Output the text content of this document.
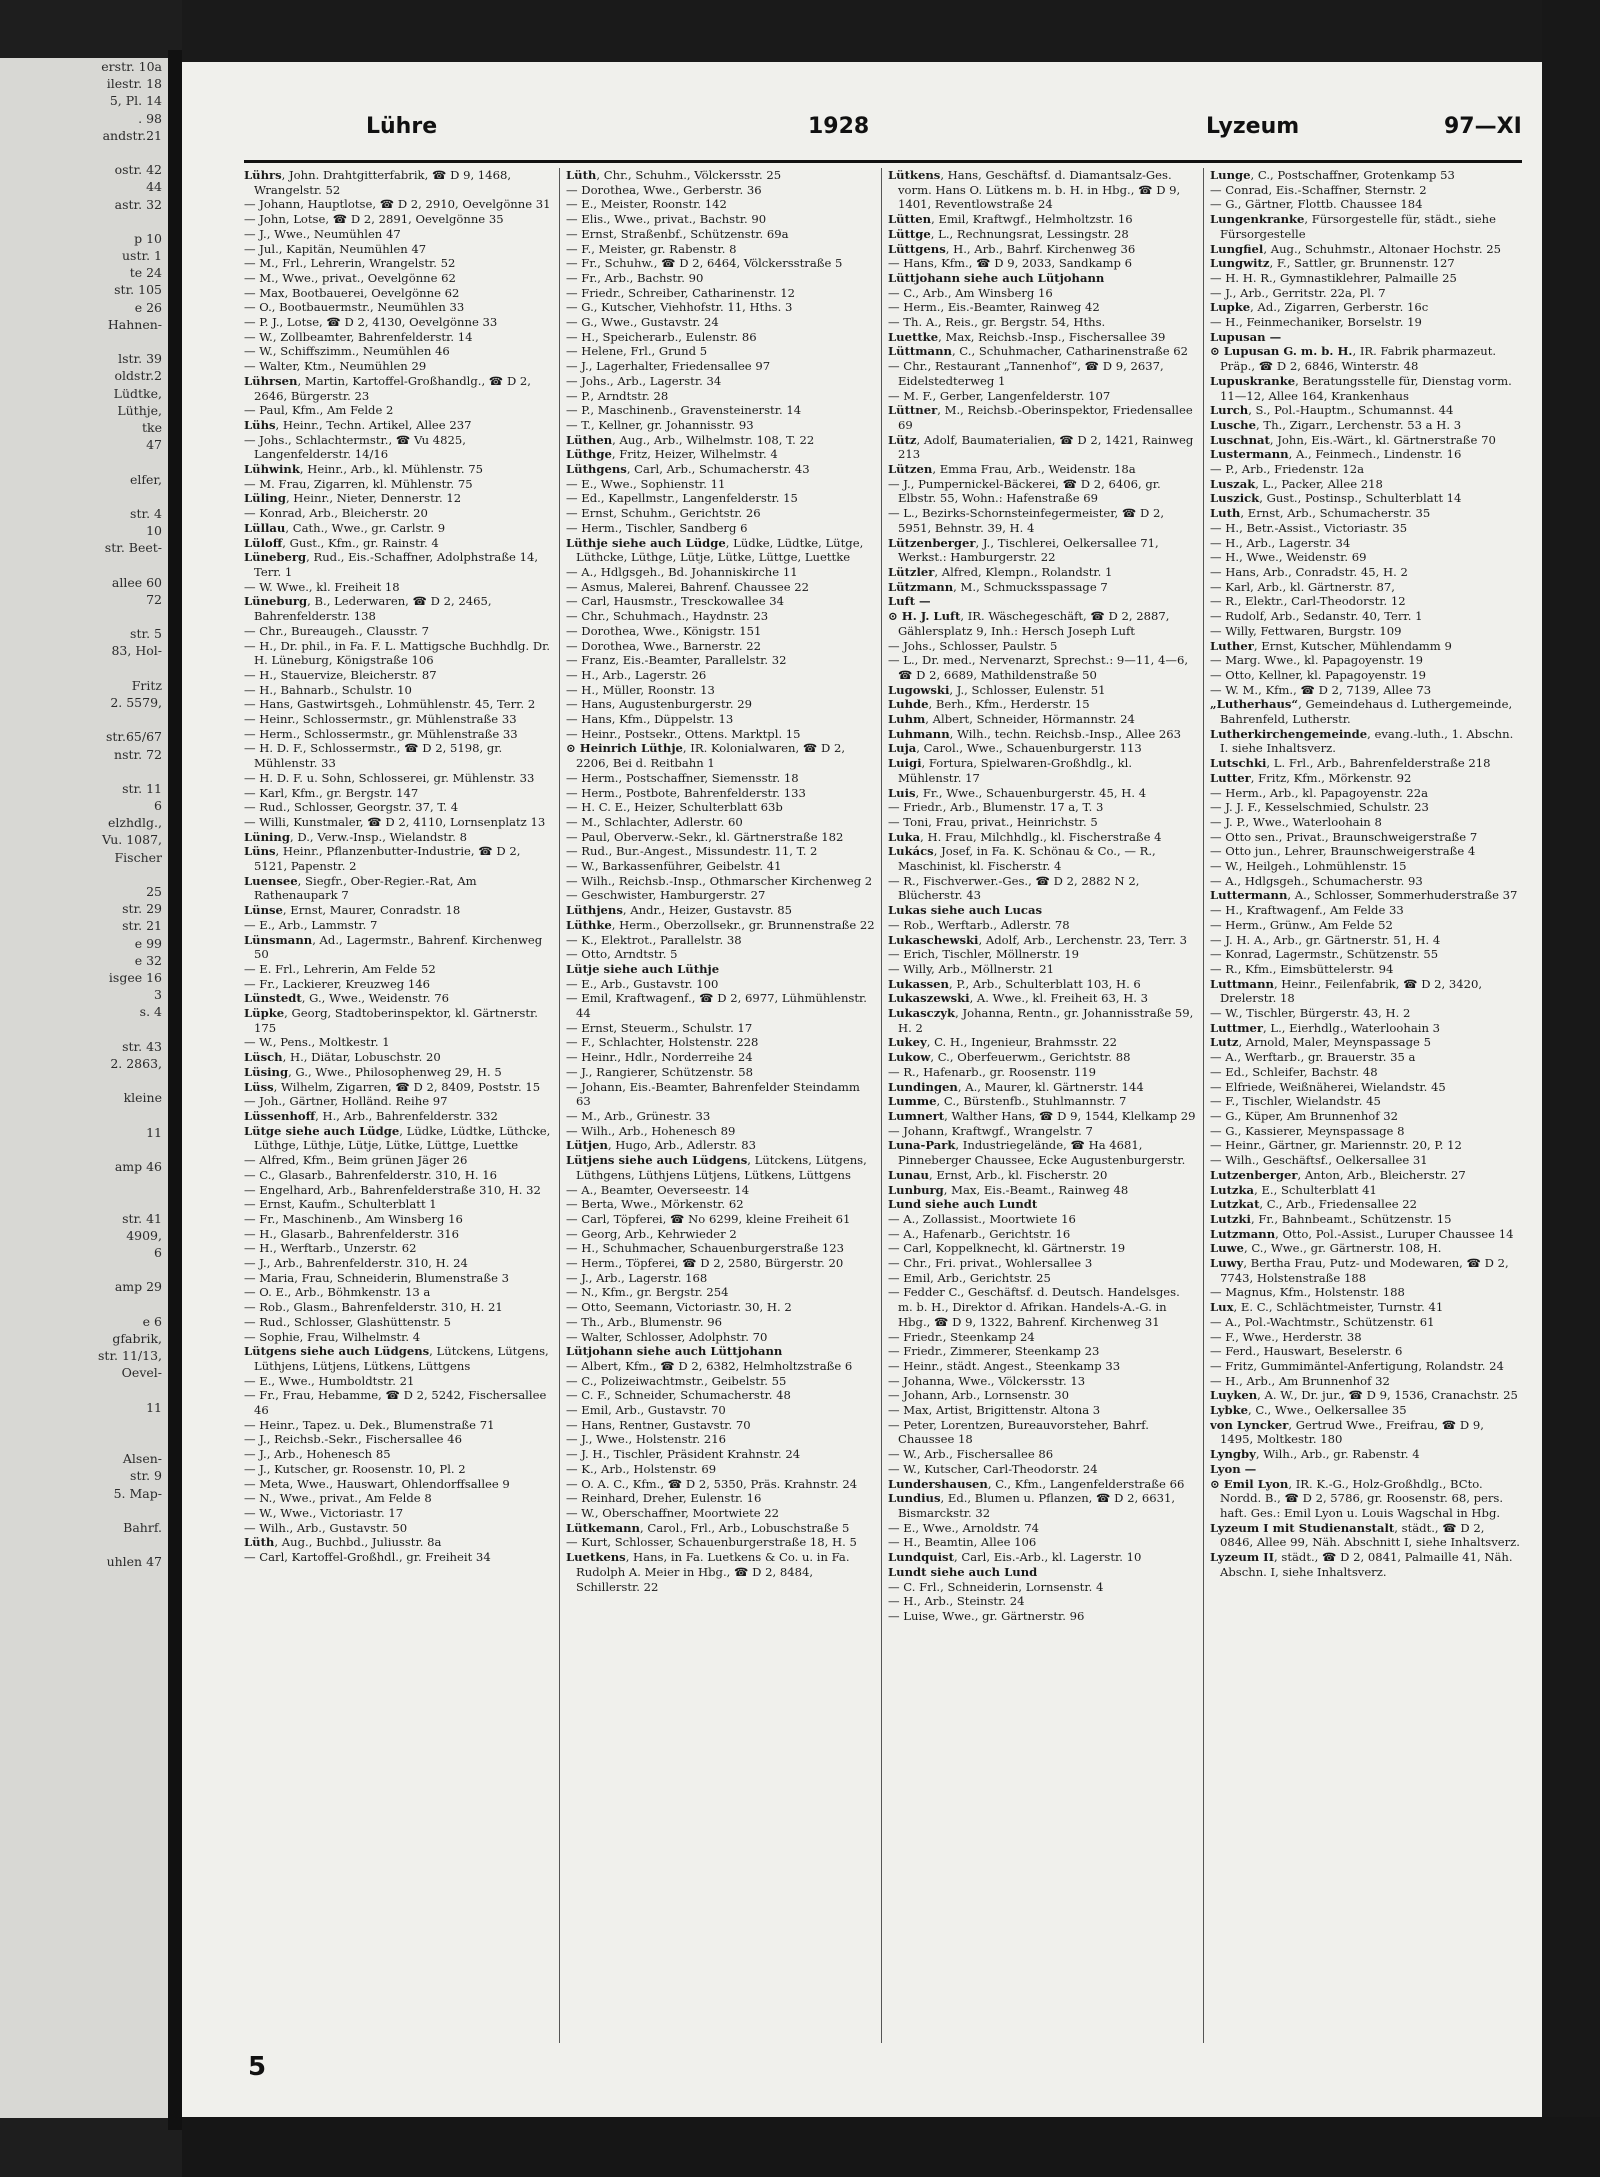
erstr. 10a
ilestr. 18
5, Pl. 14
. 98
andstr.21
ostr. 42
44
astr. 32
p 10
ustr. 1
te 24
str. 105
e 26
Hahnen-
lstr. 39
oldstr.2
Lüdtke,
Lüthje,
tke
47
elfer,
str. 4
10
str. Beet-
allee 60
72
str. 5
83, Hol-
Fritz
2. 5579,
str.65/67
nstr. 72
str. 11
6
elzhdlg.,
Vu. 1087,
Fischer
25
str. 29
str. 21
e 99
e 32
isgee 16
3
s. 4
str. 43
2. 2863,
kleine
11
amp 46
str. 41
4909,
6
amp 29
e 6
gfabrik,
str. 11/13,
Oevel-
11
Alsen-
str. 9
5. Map-
Bahrf.
uhlen 47
Lühre	1928	Lyzeum	97—XI
Lührs, John. Drahtgitterfabrik, ☎ D 9, 1468, Wrangelstr. 52
— Johann, Hauptlotse, ☎ D 2, 2910, Oevelgönne 31
— John, Lotse, ☎ D 2, 2891, Oevelgönne 35
— J., Wwe., Neumühlen 47
— Jul., Kapitän, Neumühlen 47
— M., Frl., Lehrerin, Wrangelstr. 52
— M., Wwe., privat., Oevelgönne 62
— Max, Bootbauerei, Oevelgönne 62
— O., Bootbauermstr., Neumühlen 33
— P. J., Lotse, ☎ D 2, 4130, Oevelgönne 33
— W., Zollbeamter, Bahrenfelderstr. 14
— W., Schiffszimm., Neumühlen 46
— Walter, Ktm., Neumühlen 29
Lührsen, Martin, Kartoffel-Großhandlg., ☎ D 2, 2646, Bürgerstr. 23
— Paul, Kfm., Am Felde 2
Lühs, Heinr., Techn. Artikel, Allee 237
— Johs., Schlachtermstr., ☎ Vu 4825, Langenfelderstr. 14/16
Lühwink, Heinr., Arb., kl. Mühlenstr. 75
— M. Frau, Zigarren, kl. Mühlenstr. 75
Lüling, Heinr., Nieter, Dennerstr. 12
— Konrad, Arb., Bleicherstr. 20
Lüllau, Cath., Wwe., gr. Carlstr. 9
Lüloff, Gust., Kfm., gr. Rainstr. 4
Lüneberg, Rud., Eis.-Schaffner, Adolphstraße 14, Terr. 1
— W. Wwe., kl. Freiheit 18
Lüneburg, B., Lederwaren, ☎ D 2, 2465, Bahrenfelderstr. 138
— Chr., Bureaugeh., Clausstr. 7
— H., Dr. phil., in Fa. F. L. Mattigsche Buchhdlg. Dr. H. Lüneburg, Königstraße 106
— H., Stauervize, Bleicherstr. 87
— H., Bahnarb., Schulstr. 10
— Hans, Gastwirtsgeh., Lohmühlenstr. 45, Terr. 2
— Heinr., Schlossermstr., gr. Mühlenstraße 33
— Herm., Schlossermstr., gr. Mühlenstraße 33
— H. D. F., Schlossermstr., ☎ D 2, 5198, gr. Mühlenstr. 33
— H. D. F. u. Sohn, Schlosserei, gr. Mühlenstr. 33
— Karl, Kfm., gr. Bergstr. 147
— Rud., Schlosser, Georgstr. 37, T. 4
— Willi, Kunstmaler, ☎ D 2, 4110, Lornsenplatz 13
Lüning, D., Verw.-Insp., Wielandstr. 8
Lüns, Heinr., Pflanzenbutter-Industrie, ☎ D 2, 5121, Papenstr. 2
Luensee, Siegfr., Ober-Regier.-Rat, Am Rathenaupark 7
Lünse, Ernst, Maurer, Conradstr. 18
— E., Arb., Lammstr. 7
Lünsmann, Ad., Lagermstr., Bahrenf. Kirchenweg 50
— E. Frl., Lehrerin, Am Felde 52
— Fr., Lackierer, Kreuzweg 146
Lünstedt, G., Wwe., Weidenstr. 76
Lüpke, Georg, Stadtoberinspektor, kl. Gärtnerstr. 175
— W., Pens., Moltkestr. 1
Lüsch, H., Diätar, Lobuschstr. 20
Lüsing, G., Wwe., Philosophenweg 29, H. 5
Lüss, Wilhelm, Zigarren, ☎ D 2, 8409, Poststr. 15
— Joh., Gärtner, Holländ. Reihe 97
Lüssenhoff, H., Arb., Bahrenfelderstr. 332
Lütge siehe auch Lüdge, Lüdke, Lüdtke, Lüthcke, Lüthge, Lüthje, Lütje, Lütke, Lüttge, Luettke
— Alfred, Kfm., Beim grünen Jäger 26
— C., Glasarb., Bahrenfelderstr. 310, H. 16
— Engelhard, Arb., Bahrenfelderstraße 310, H. 32
— Ernst, Kaufm., Schulterblatt 1
— Fr., Maschinenb., Am Winsberg 16
— H., Glasarb., Bahrenfelderstr. 316
— H., Werftarb., Unzerstr. 62
— J., Arb., Bahrenfelderstr. 310, H. 24
— Maria, Frau, Schneiderin, Blumenstraße 3
— O. E., Arb., Böhmkenstr. 13 a
— Rob., Glasm., Bahrenfelderstr. 310, H. 21
— Rud., Schlosser, Glashüttenstr. 5
— Sophie, Frau, Wilhelmstr. 4
Lütgens siehe auch Lüdgens, Lütckens, Lütgens, Lüthjens, Lütjens, Lütkens, Lüttgens
— E., Wwe., Humboldtstr. 21
— Fr., Frau, Hebamme, ☎ D 2, 5242, Fischersallee 46
— Heinr., Tapez. u. Dek., Blumenstraße 71
— J., Reichsb.-Sekr., Fischersallee 46
— J., Arb., Hohenesch 85
— J., Kutscher, gr. Roosenstr. 10, Pl. 2
— Meta, Wwe., Hauswart, Ohlendorffsallee 9
— N., Wwe., privat., Am Felde 8
— W., Wwe., Victoriastr. 17
— Wilh., Arb., Gustavstr. 50
Lüth, Aug., Buchbd., Juliusstr. 8a
— Carl, Kartoffel-Großhdl., gr. Freiheit 34
Lüth, Chr., Schuhm., Völckersstr. 25
— Dorothea, Wwe., Gerberstr. 36
— E., Meister, Roonstr. 142
— Elis., Wwe., privat., Bachstr. 90
— Ernst, Straßenbf., Schützenstr. 69a
— F., Meister, gr. Rabenstr. 8
— Fr., Schuhw., ☎ D 2, 6464, Völckersstraße 5
— Fr., Arb., Bachstr. 90
— Friedr., Schreiber, Catharinenstr. 12
— G., Kutscher, Viehhofstr. 11, Hths. 3
— G., Wwe., Gustavstr. 24
— H., Speicherarb., Eulenstr. 86
— Helene, Frl., Grund 5
— J., Lagerhalter, Friedensallee 97
— Johs., Arb., Lagerstr. 34
— P., Arndtstr. 28
— P., Maschinenb., Gravensteinerstr. 14
— T., Kellner, gr. Johannisstr. 93
Lüthen, Aug., Arb., Wilhelmstr. 108, T. 22
Lüthge, Fritz, Heizer, Wilhelmstr. 4
Lüthgens, Carl, Arb., Schumacherstr. 43
— E., Wwe., Sophienstr. 11
— Ed., Kapellmstr., Langenfelderstr. 15
— Ernst, Schuhm., Gerichtstr. 26
— Herm., Tischler, Sandberg 6
Lüthje siehe auch Lüdge, Lüdke, Lüdtke, Lütge, Lüthcke, Lüthge, Lütje, Lütke, Lüttge, Luettke
— A., Hdlgsgeh., Bd. Johanniskirche 11
— Asmus, Malerei, Bahrenf. Chaussee 22
— Carl, Hausmstr., Tresckowallee 34
— Chr., Schuhmach., Haydnstr. 23
— Dorothea, Wwe., Königstr. 151
— Dorothea, Wwe., Barnerstr. 22
— Franz, Eis.-Beamter, Parallelstr. 32
— H., Arb., Lagerstr. 26
— H., Müller, Roonstr. 13
— Hans, Augustenburgerstr. 29
— Hans, Kfm., Düppelstr. 13
— Heinr., Postsekr., Ottens. Marktpl. 15
⊙ Heinrich Lüthje, IR. Kolonialwaren, ☎ D 2, 2206, Bei d. Reitbahn 1
— Herm., Postschaffner, Siemensstr. 18
— Herm., Postbote, Bahrenfelderstr. 133
— H. C. E., Heizer, Schulterblatt 63b
— M., Schlachter, Adlerstr. 60
— Paul, Oberverw.-Sekr., kl. Gärtnerstraße 182
— Rud., Bur.-Angest., Missundestr. 11, T. 2
— W., Barkassenführer, Geibelstr. 41
— Wilh., Reichsb.-Insp., Othmarscher Kirchenweg 2
— Geschwister, Hamburgerstr. 27
Lüthjens, Andr., Heizer, Gustavstr. 85
Lüthke, Herm., Oberzollsekr., gr. Brunnenstraße 22
— K., Elektrot., Parallelstr. 38
— Otto, Arndtstr. 5
Lütje siehe auch Lüthje
— E., Arb., Gustavstr. 100
— Emil, Kraftwagenf., ☎ D 2, 6977, Lühmühlenstr. 44
— Ernst, Steuerm., Schulstr. 17
— F., Schlachter, Holstenstr. 228
— Heinr., Hdlr., Norderreihe 24
— J., Rangierer, Schützenstr. 58
— Johann, Eis.-Beamter, Bahrenfelder Steindamm 63
— M., Arb., Grünestr. 33
— Wilh., Arb., Hohenesch 89
Lütjen, Hugo, Arb., Adlerstr. 83
Lütjens siehe auch Lüdgens, Lütckens, Lütgens, Lüthgens, Lüthjens Lütjens, Lütkens, Lüttgens
— A., Beamter, Oeverseestr. 14
— Berta, Wwe., Mörkenstr. 62
— Carl, Töpferei, ☎ No 6299, kleine Freiheit 61
— Georg, Arb., Kehrwieder 2
— H., Schuhmacher, Schauenburgerstraße 123
— Herm., Töpferei, ☎ D 2, 2580, Bürgerstr. 20
— J., Arb., Lagerstr. 168
— N., Kfm., gr. Bergstr. 254
— Otto, Seemann, Victoriastr. 30, H. 2
— Th., Arb., Blumenstr. 96
— Walter, Schlosser, Adolphstr. 70
Lütjohann siehe auch Lüttjohann
— Albert, Kfm., ☎ D 2, 6382, Helmholtzstraße 6
— C., Polizeiwachtmstr., Geibelstr. 55
— C. F., Schneider, Schumacherstr. 48
— Emil, Arb., Gustavstr. 70
— Hans, Rentner, Gustavstr. 70
— J., Wwe., Holstenstr. 216
— J. H., Tischler, Präsident Krahnstr. 24
— K., Arb., Holstenstr. 69
— O. A. C., Kfm., ☎ D 2, 5350, Präs. Krahnstr. 24
— Reinhard, Dreher, Eulenstr. 16
— W., Oberschaffner, Moortwiete 22
Lütkemann, Carol., Frl., Arb., Lobuschstraße 5
— Kurt, Schlosser, Schauenburgerstraße 18, H. 5
Luetkens, Hans, in Fa. Luetkens & Co. u. in Fa. Rudolph A. Meier in Hbg., ☎ D 2, 8484, Schillerstr. 22
Lütkens, Hans, Geschäftsf. d. Diamantsalz-Ges. vorm. Hans O. Lütkens m. b. H. in Hbg., ☎ D 9, 1401, Reventlowstraße 24
Lütten, Emil, Kraftwgf., Helmholtzstr. 16
Lüttge, L., Rechnungsrat, Lessingstr. 28
Lüttgens, H., Arb., Bahrf. Kirchenweg 36
— Hans, Kfm., ☎ D 9, 2033, Sandkamp 6
Lüttjohann siehe auch Lütjohann
— C., Arb., Am Winsberg 16
— Herm., Eis.-Beamter, Rainweg 42
— Th. A., Reis., gr. Bergstr. 54, Hths.
Luettke, Max, Reichsb.-Insp., Fischersallee 39
Lüttmann, C., Schuhmacher, Catharinenstraße 62
— Chr., Restaurant „Tannenhof“, ☎ D 9, 2637, Eidelstedterweg 1
— M. F., Gerber, Langenfelderstr. 107
Lüttner, M., Reichsb.-Oberinspektor, Friedensallee 69
Lütz, Adolf, Baumaterialien, ☎ D 2, 1421, Rainweg 213
Lützen, Emma Frau, Arb., Weidenstr. 18a
— J., Pumpernickel-Bäckerei, ☎ D 2, 6406, gr. Elbstr. 55, Wohn.: Hafenstraße 69
— L., Bezirks-Schornsteinfegermeister, ☎ D 2, 5951, Behnstr. 39, H. 4
Lützenberger, J., Tischlerei, Oelkersallee 71, Werkst.: Hamburgerstr. 22
Lützler, Alfred, Klempn., Rolandstr. 1
Lützmann, M., Schmucksspassage 7
Luft —
⊙ H. J. Luft, IR. Wäschegeschäft, ☎ D 2, 2887, Gählersplatz 9, Inh.: Hersch Joseph Luft
— Johs., Schlosser, Paulstr. 5
— L., Dr. med., Nervenarzt, Sprechst.: 9—11, 4—6, ☎ D 2, 6689, Mathildenstraße 50
Lugowski, J., Schlosser, Eulenstr. 51
Luhde, Berh., Kfm., Herderstr. 15
Luhm, Albert, Schneider, Hörmannstr. 24
Luhmann, Wilh., techn. Reichsb.-Insp., Allee 263
Luja, Carol., Wwe., Schauenburgerstr. 113
Luigi, Fortura, Spielwaren-Großhdlg., kl. Mühlenstr. 17
Luis, Fr., Wwe., Schauenburgerstr. 45, H. 4
— Friedr., Arb., Blumenstr. 17 a, T. 3
— Toni, Frau, privat., Heinrichstr. 5
Luka, H. Frau, Milchhdlg., kl. Fischerstraße 4
Lukács, Josef, in Fa. K. Schönau & Co., — R., Maschinist, kl. Fischerstr. 4
— R., Fischverwer.-Ges., ☎ D 2, 2882 N 2, Blücherstr. 43
Lukas siehe auch Lucas
— Rob., Werftarb., Adlerstr. 78
Lukaschewski, Adolf, Arb., Lerchenstr. 23, Terr. 3
— Erich, Tischler, Möllnerstr. 19
— Willy, Arb., Möllnerstr. 21
Lukassen, P., Arb., Schulterblatt 103, H. 6
Lukaszewski, A. Wwe., kl. Freiheit 63, H. 3
Lukasczyk, Johanna, Rentn., gr. Johannisstraße 59, H. 2
Lukey, C. H., Ingenieur, Brahmsstr. 22
Lukow, C., Oberfeuerwm., Gerichtstr. 88
— R., Hafenarb., gr. Roosenstr. 119
Lundingen, A., Maurer, kl. Gärtnerstr. 144
Lumme, C., Bürstenfb., Stuhlmannstr. 7
Lumnert, Walther Hans, ☎ D 9, 1544, Klelkamp 29
— Johann, Kraftwgf., Wrangelstr. 7
Luna-Park, Industriegelände, ☎ Ha 4681, Pinneberger Chaussee, Ecke Augustenburgerstr.
Lunau, Ernst, Arb., kl. Fischerstr. 20
Lunburg, Max, Eis.-Beamt., Rainweg 48
Lund siehe auch Lundt
— A., Zollassist., Moortwiete 16
— A., Hafenarb., Gerichtstr. 16
— Carl, Koppelknecht, kl. Gärtnerstr. 19
— Chr., Fri. privat., Wohlersallee 3
— Emil, Arb., Gerichtstr. 25
— Fedder C., Geschäftsf. d. Deutsch. Handelsges. m. b. H., Direktor d. Afrikan. Handels-A.-G. in Hbg., ☎ D 9, 1322, Bahrenf. Kirchenweg 31
— Friedr., Steenkamp 24
— Friedr., Zimmerer, Steenkamp 23
— Heinr., städt. Angest., Steenkamp 33
— Johanna, Wwe., Völckersstr. 13
— Johann, Arb., Lornsenstr. 30
— Max, Artist, Brigittenstr. Altona 3
— Peter, Lorentzen, Bureauvorsteher, Bahrf. Chaussee 18
— W., Arb., Fischersallee 86
— W., Kutscher, Carl-Theodorstr. 24
Lundershausen, C., Kfm., Langenfelderstraße 66
Lundius, Ed., Blumen u. Pflanzen, ☎ D 2, 6631, Bismarckstr. 32
— E., Wwe., Arnoldstr. 74
— H., Beamtin, Allee 106
Lundquist, Carl, Eis.-Arb., kl. Lagerstr. 10
Lundt siehe auch Lund
— C. Frl., Schneiderin, Lornsenstr. 4
— H., Arb., Steinstr. 24
— Luise, Wwe., gr. Gärtnerstr. 96
Lunge, C., Postschaffner, Grotenkamp 53
— Conrad, Eis.-Schaffner, Sternstr. 2
— G., Gärtner, Flottb. Chaussee 184
Lungenkranke, Fürsorgestelle für, städt., siehe Fürsorgestelle
Lungfiel, Aug., Schuhmstr., Altonaer Hochstr. 25
Lungwitz, F., Sattler, gr. Brunnenstr. 127
— H. H. R., Gymnastiklehrer, Palmaille 25
— J., Arb., Gerritstr. 22a, Pl. 7
Lupke, Ad., Zigarren, Gerberstr. 16c
— H., Feinmechaniker, Borselstr. 19
Lupusan —
⊙ Lupusan G. m. b. H., IR. Fabrik pharmazeut. Präp., ☎ D 2, 6846, Winterstr. 48
Lupuskranke, Beratungsstelle für, Dienstag vorm. 11—12, Allee 164, Krankenhaus
Lurch, S., Pol.-Hauptm., Schumannst. 44
Lusche, Th., Zigarr., Lerchenstr. 53 a H. 3
Luschnat, John, Eis.-Wärt., kl. Gärtnerstraße 70
Lustermann, A., Feinmech., Lindenstr. 16
— P., Arb., Friedenstr. 12a
Luszak, L., Packer, Allee 218
Luszick, Gust., Postinsp., Schulterblatt 14
Luth, Ernst, Arb., Schumacherstr. 35
— H., Betr.-Assist., Victoriastr. 35
— H., Arb., Lagerstr. 34
— H., Wwe., Weidenstr. 69
— Hans, Arb., Conradstr. 45, H. 2
— Karl, Arb., kl. Gärtnerstr. 87,
— R., Elektr., Carl-Theodorstr. 12
— Rudolf, Arb., Sedanstr. 40, Terr. 1
— Willy, Fettwaren, Burgstr. 109
Luther, Ernst, Kutscher, Mühlendamm 9
— Marg. Wwe., kl. Papagoyenstr. 19
— Otto, Kellner, kl. Papagoyenstr. 19
— W. M., Kfm., ☎ D 2, 7139, Allee 73
„Lutherhaus“, Gemeindehaus d. Luthergemeinde, Bahrenfeld, Lutherstr.
Lutherkirchengemeinde, evang.-luth., 1. Abschn. I. siehe Inhaltsverz.
Lutschki, L. Frl., Arb., Bahrenfelderstraße 218
Lutter, Fritz, Kfm., Mörkenstr. 92
— Herm., Arb., kl. Papagoyenstr. 22a
— J. J. F., Kesselschmied, Schulstr. 23
— J. P., Wwe., Waterloohain 8
— Otto sen., Privat., Braunschweigerstraße 7
— Otto jun., Lehrer, Braunschweigerstraße 4
— W., Heilgeh., Lohmühlenstr. 15
— A., Hdlgsgeh., Schumacherstr. 93
Luttermann, A., Schlosser, Sommerhuderstraße 37
— H., Kraftwagenf., Am Felde 33
— Herm., Grünw., Am Felde 52
— J. H. A., Arb., gr. Gärtnerstr. 51, H. 4
— Konrad, Lagermstr., Schützenstr. 55
— R., Kfm., Eimsbüttelerstr. 94
Luttmann, Heinr., Feilenfabrik, ☎ D 2, 3420, Drelerstr. 18
— W., Tischler, Bürgerstr. 43, H. 2
Luttmer, L., Eierhdlg., Waterloohain 3
Lutz, Arnold, Maler, Meynspassage 5
— A., Werftarb., gr. Brauerstr. 35 a
— Ed., Schleifer, Bachstr. 48
— Elfriede, Weißnäherei, Wielandstr. 45
— F., Tischler, Wielandstr. 45
— G., Küper, Am Brunnenhof 32
— G., Kassierer, Meynspassage 8
— Heinr., Gärtner, gr. Mariennstr. 20, P. 12
— Wilh., Geschäftsf., Oelkersallee 31
Lutzenberger, Anton, Arb., Bleicherstr. 27
Lutzka, E., Schulterblatt 41
Lutzkat, C., Arb., Friedensallee 22
Lutzki, Fr., Bahnbeamt., Schützenstr. 15
Lutzmann, Otto, Pol.-Assist., Luruper Chaussee 14
Luwe, C., Wwe., gr. Gärtnerstr. 108, H.
Luwy, Bertha Frau, Putz- und Modewaren, ☎ D 2, 7743, Holstenstraße 188
— Magnus, Kfm., Holstenstr. 188
Lux, E. C., Schlächtmeister, Turnstr. 41
— A., Pol.-Wachtmstr., Schützenstr. 61
— F., Wwe., Herderstr. 38
— Ferd., Hauswart, Beselerstr. 6
— Fritz, Gummimäntel-Anfertigung, Rolandstr. 24
— H., Arb., Am Brunnenhof 32
Luyken, A. W., Dr. jur., ☎ D 9, 1536, Cranachstr. 25
Lybke, C., Wwe., Oelkersallee 35
von Lyncker, Gertrud Wwe., Freifrau, ☎ D 9, 1495, Moltkestr. 180
Lyngby, Wilh., Arb., gr. Rabenstr. 4
Lyon —
⊙ Emil Lyon, IR. K.-G., Holz-Großhdlg., BCto. Nordd. B., ☎ D 2, 5786, gr. Roosenstr. 68, pers. haft. Ges.: Emil Lyon u. Louis Wagschal in Hbg.
Lyzeum I mit Studienanstalt, städt., ☎ D 2, 0846, Allee 99, Näh. Abschnitt I, siehe Inhaltsverz.
Lyzeum II, städt., ☎ D 2, 0841, Palmaille 41, Näh. Abschn. I, siehe Inhaltsverz.
5
